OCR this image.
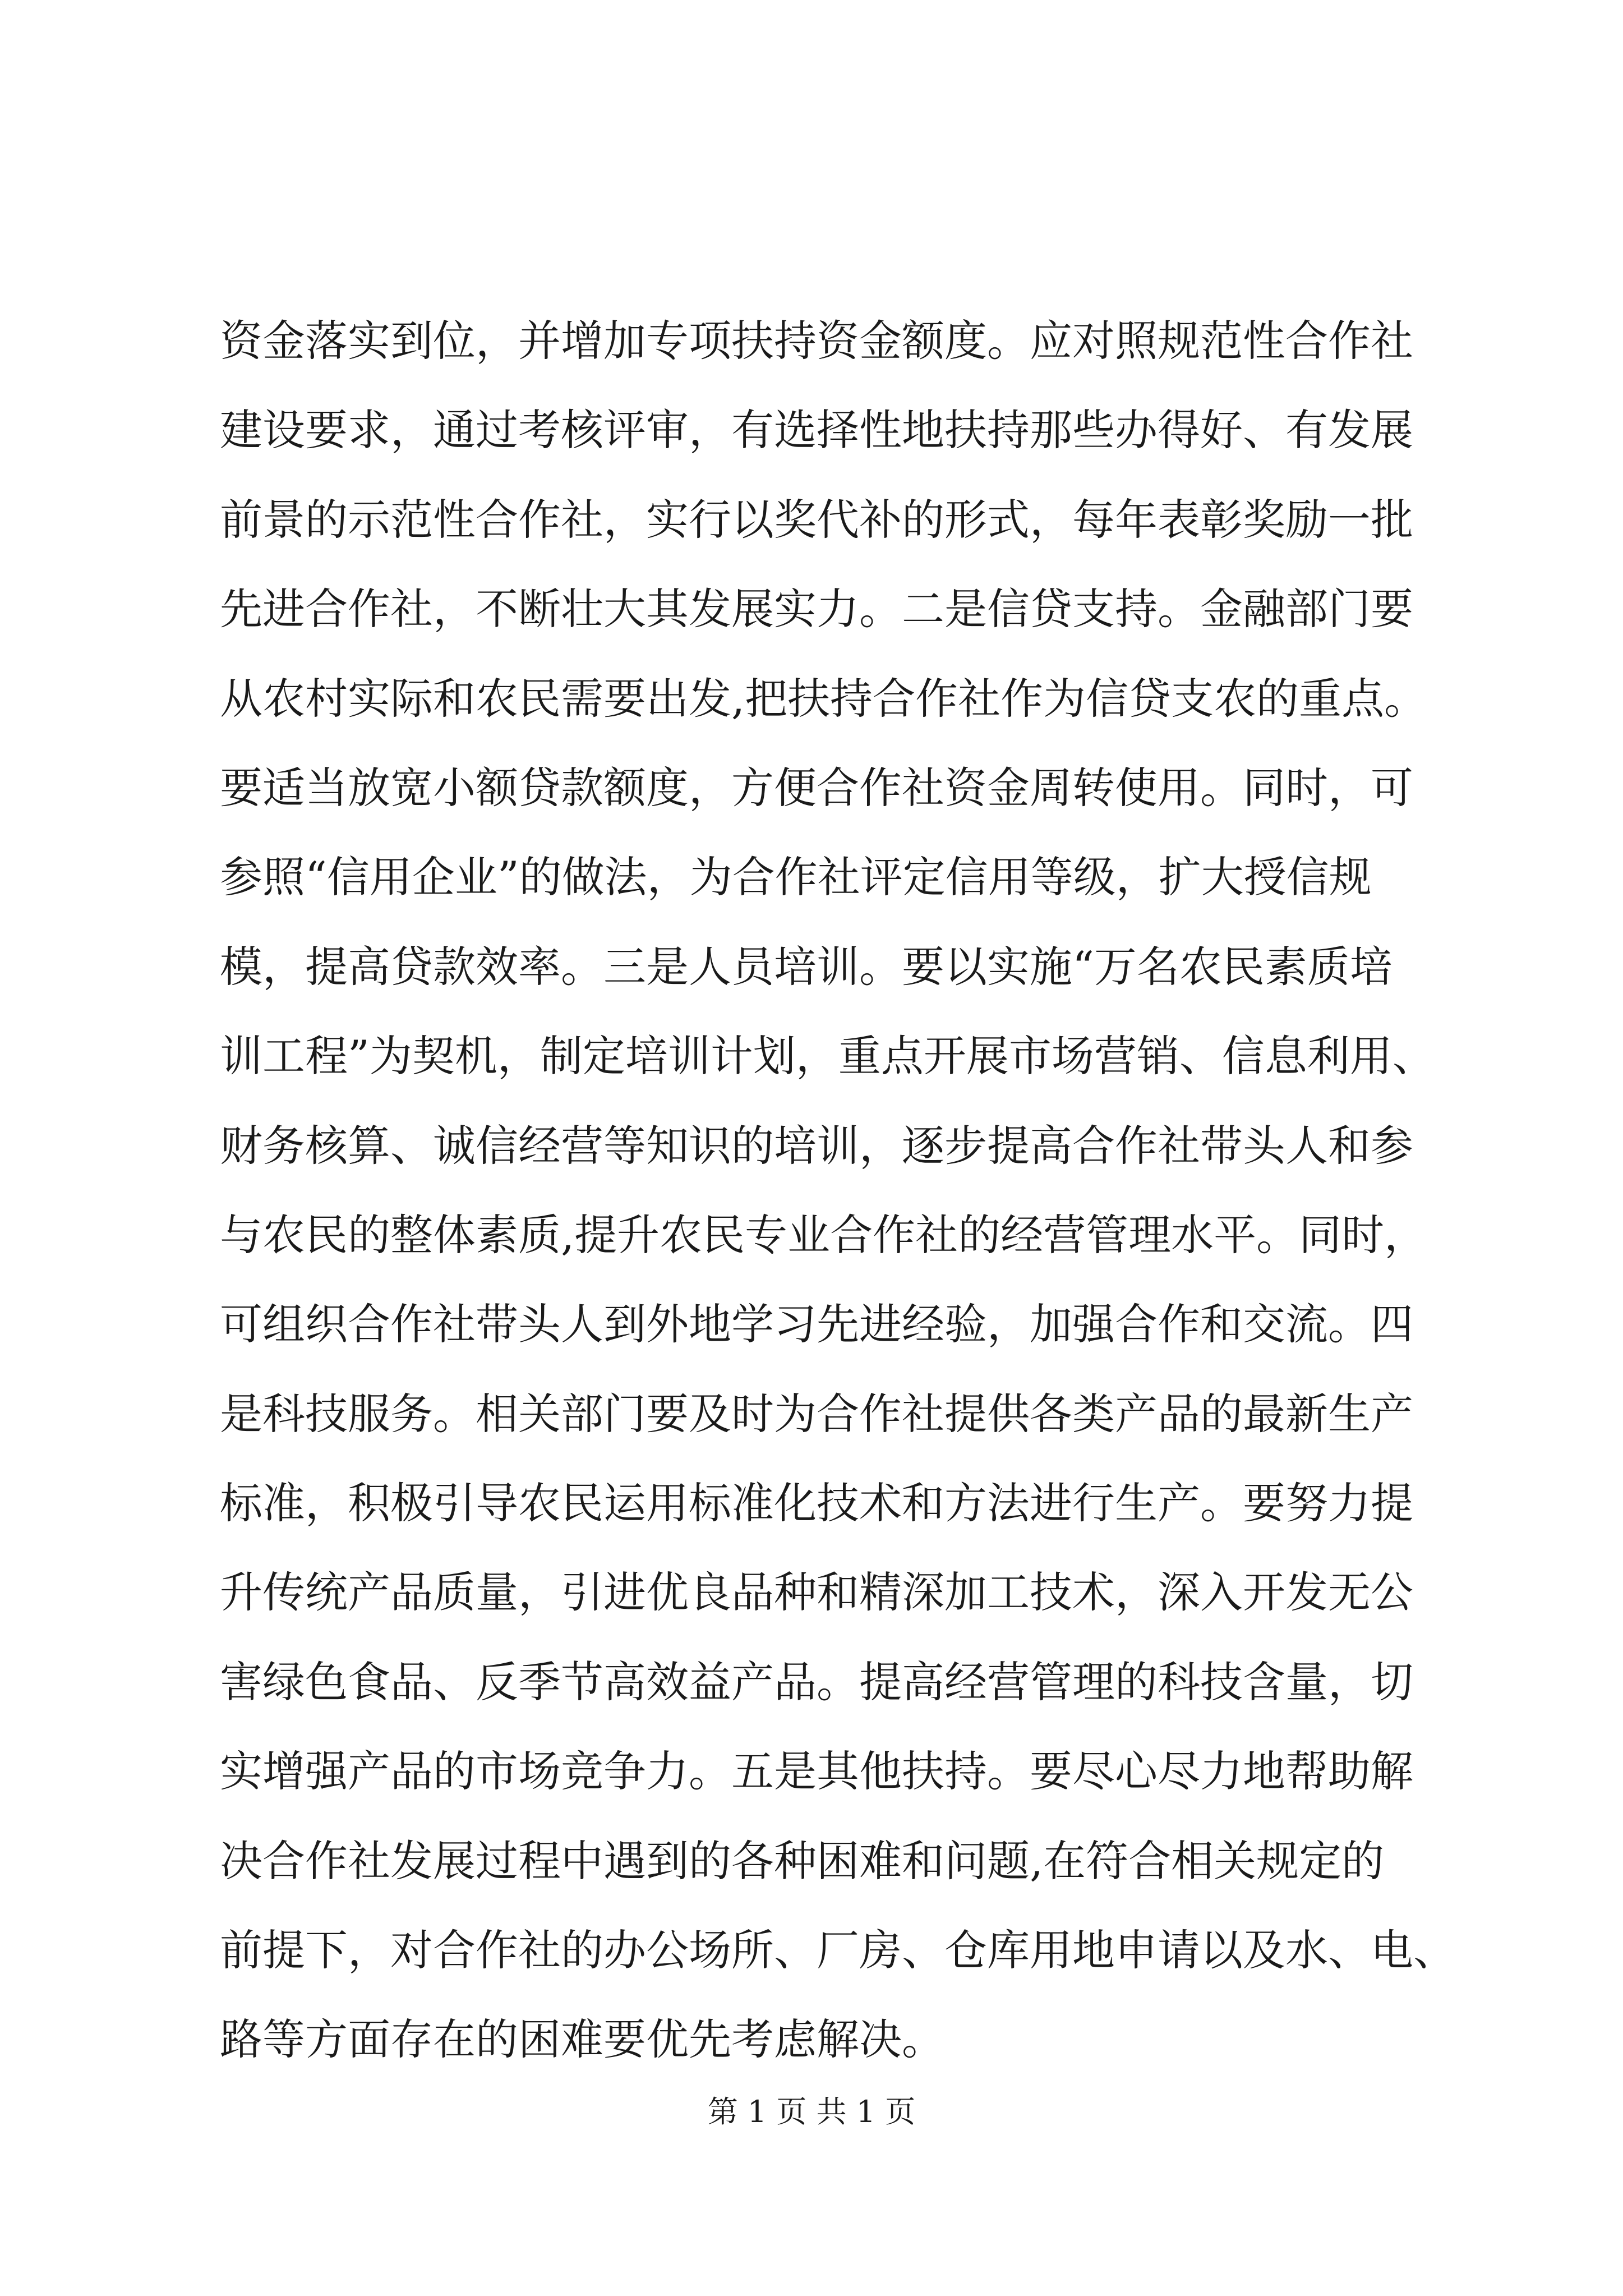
资金落实到位，并增加专项扶持资金额度。应对照规范性合作社
建设要求，通过考核评审，有选择性地扶持那些办得好、有发展
前景的示范性合作社，实行以奖代补的形式，每年表彰奖励一批
先进合作社，不断壮大其发展实力。二是信贷支持。金融部门要
从农村实际和农民需要出发,把扶持合作社作为信贷支农的重点。
要适当放宽小额贷款额度，方便合作社资金周转使用。同时，可
参照“信用企业”的做法，为合作社评定信用等级，扩大授信规
模，提高贷款效率。三是人员培训。要以实施“万名农民素质培
训工程”为契机，制定培训计划，重点开展市场营销、信息利用、
财务核算、诚信经营等知识的培训，逐步提高合作社带头人和参
与农民的整体素质,提升农民专业合作社的经营管理水平。同时，
可组织合作社带头人到外地学习先进经验，加强合作和交流。四
是科技服务。相关部门要及时为合作社提供各类产品的最新生产
标准，积极引导农民运用标准化技术和方法进行生产。要努力提
升传统产品质量，引进优良品种和精深加工技术，深入开发无公
害绿色食品、反季节高效益产品。提高经营管理的科技含量，切
实增强产品的市场竞争力。五是其他扶持。要尽心尽力地帮助解
决合作社发展过程中遇到的各种困难和问题,在符合相关规定的
前提下，对合作社的办公场所、厂房、仓库用地申请以及水、电、
路等方面存在的困难要优先考虑解决。
第 1 页 共 1 页
